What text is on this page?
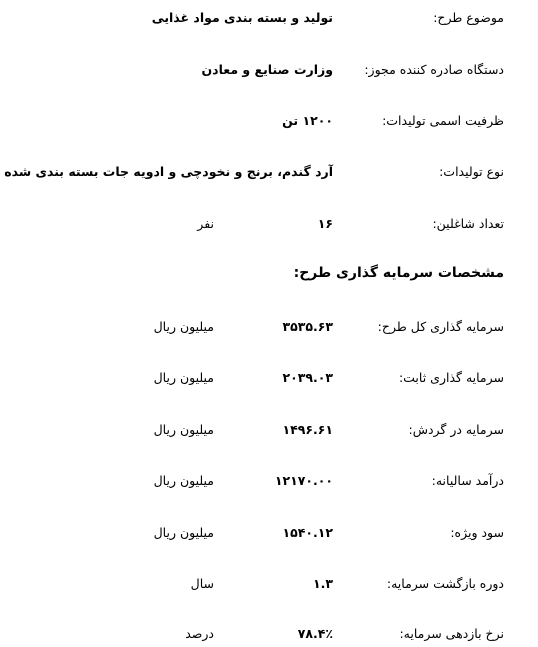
موضوع طرح:
تولید و بسته بندی مواد غذایی
دستگاه صادره کننده مجوز:
وزارت صنایع و معادن
ظرفیت اسمی تولیدات:
۱۲۰۰ تن
نوع تولیدات:
آرد گندم، برنج و نخودچی و ادویه جات بسته بندی شده
تعداد شاغلین:
۱۶
نفر
مشخصات سرمایه گذاری طرح:
سرمایه گذاری کل طرح:
۳۵۳۵.۶۳
میلیون ریال
سرمایه گذاری ثابت:
۲۰۳۹.۰۳
میلیون ریال
سرمایه در گردش:
۱۴۹۶.۶۱
میلیون ریال
درآمد سالیانه:
۱۲۱۷۰.۰۰
میلیون ریال
سود ویژه:
۱۵۴۰.۱۲
میلیون ریال
دوره بازگشت سرمایه:
۱.۳
سال
نرخ بازدهی سرمایه:
۷۸.۴٪
درصد
